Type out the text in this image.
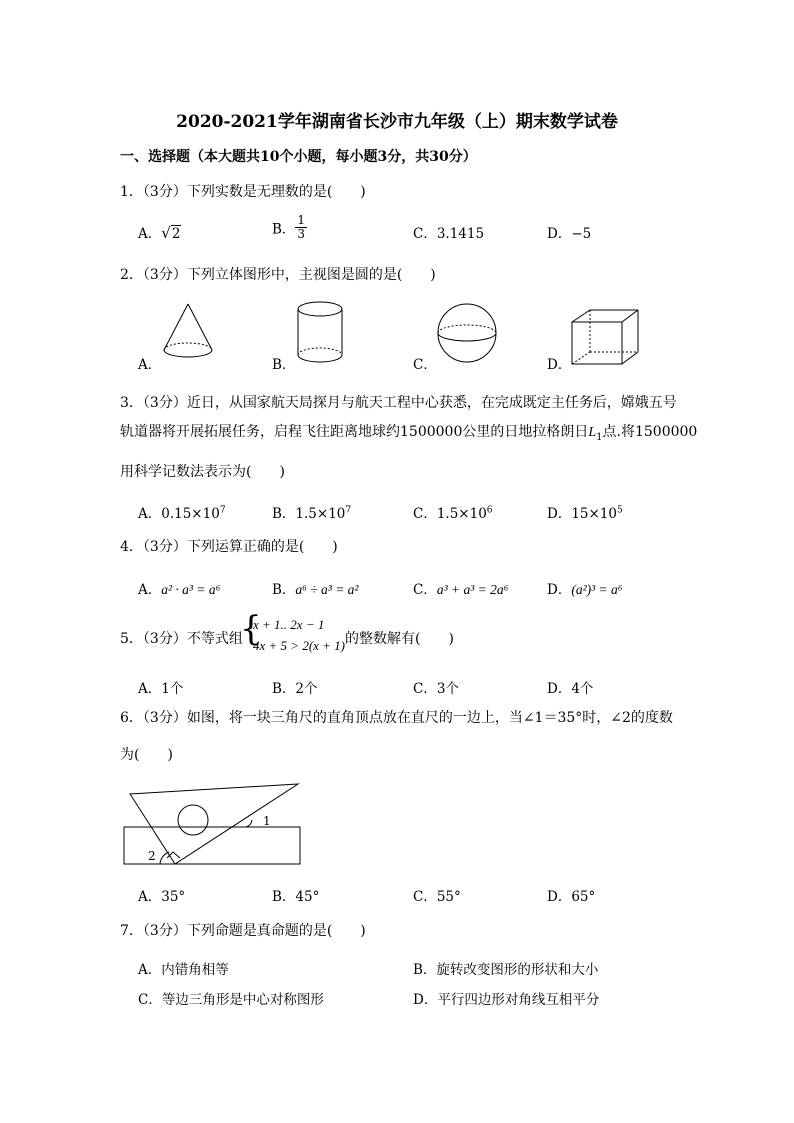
2020-2021学年湖南省长沙市九年级（上）期末数学试卷
一、选择题（本大题共10个小题，每小题3分，共30分）
1．（3分）下列实数是无理数的是(　　)
A．√2	B． $\frac{1}{3}$	C．3.1415	D．−5
2．（3分）下列立体图形中，主视图是圆的是(　　)
A．	B．	C．	D．
3．（3分）近日，从国家航天局探月与航天工程中心获悉，在完成既定主任务后，嫦娥五号
轨道器将开展拓展任务，启程飞往距离地球约1500000公里的日地拉格朗日$L_1$点.将1500000
用科学记数法表示为(　　)
A．$0.15\times 10^7$	B．$1.5\times 10^7$	C．$1.5\times 10^6$	D．$15\times 10^5$
4．（3分）下列运算正确的是(　　)
A．a² · a³ = a⁶	B．a⁶ ÷ a³ = a²	C．a³ + a³ = 2a⁶	D．(a²)³ = a⁶
5．（3分）不等式组
{
x + 1.. 2x − 1
4x + 5 > 2(x + 1) 的整数解有(　　)
A．1个	B．2个	C．3个	D．4个
6．（3分）如图，将一块三角尺的直角顶点放在直尺的一边上，当∠1＝35°时，∠2的度数
为(　　)
1
2
A．35°	B．45°	C．55°	D．65°
7．（3分）下列命题是真命题的是(　　)
A．内错角相等	B．旋转改变图形的形状和大小
C．等边三角形是中心对称图形	D．平行四边形对角线互相平分
